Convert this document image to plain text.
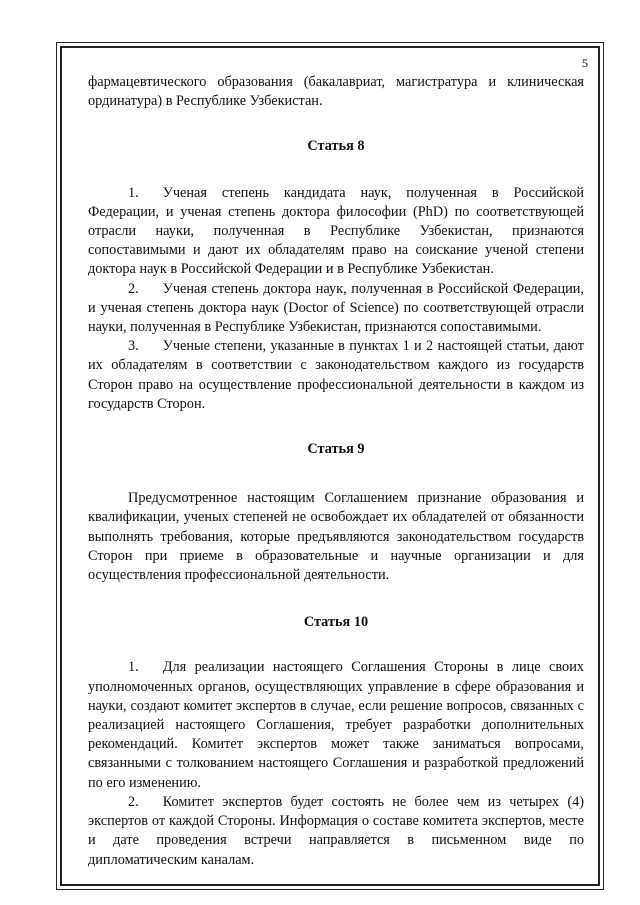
5

фармацевтического образования (бакалавриат, магистратура и клиническая ординатура) в Республике Узбекистан.

Статья 8

1. Ученая степень кандидата наук, полученная в Российской Федерации, и ученая степень доктора философии (PhD) по соответствующей отрасли науки, полученная в Республике Узбекистан, признаются сопоставимыми и дают их обладателям право на соискание ученой степени доктора наук в Российской Федерации и в Республике Узбекистан.

2. Ученая степень доктора наук, полученная в Российской Федерации, и ученая степень доктора наук (Doctor of Science) по соответствующей отрасли науки, полученная в Республике Узбекистан, признаются сопоставимыми.

3. Ученые степени, указанные в пунктах 1 и 2 настоящей статьи, дают их обладателям в соответствии с законодательством каждого из государств Сторон право на осуществление профессиональной деятельности в каждом из государств Сторон.

Статья 9

Предусмотренное настоящим Соглашением признание образования и квалификации, ученых степеней не освобождает их обладателей от обязанности выполнять требования, которые предъявляются законодательством государств Сторон при приеме в образовательные и научные организации и для осуществления профессиональной деятельности.

Статья 10

1. Для реализации настоящего Соглашения Стороны в лице своих уполномоченных органов, осуществляющих управление в сфере образования и науки, создают комитет экспертов в случае, если решение вопросов, связанных с реализацией настоящего Соглашения, требует разработки дополнительных рекомендаций. Комитет экспертов может также заниматься вопросами, связанными с толкованием настоящего Соглашения и разработкой предложений по его изменению.

2. Комитет экспертов будет состоять не более чем из четырех (4) экспертов от каждой Стороны. Информация о составе комитета экспертов, месте и дате проведения встречи направляется в письменном виде по дипломатическим каналам.
